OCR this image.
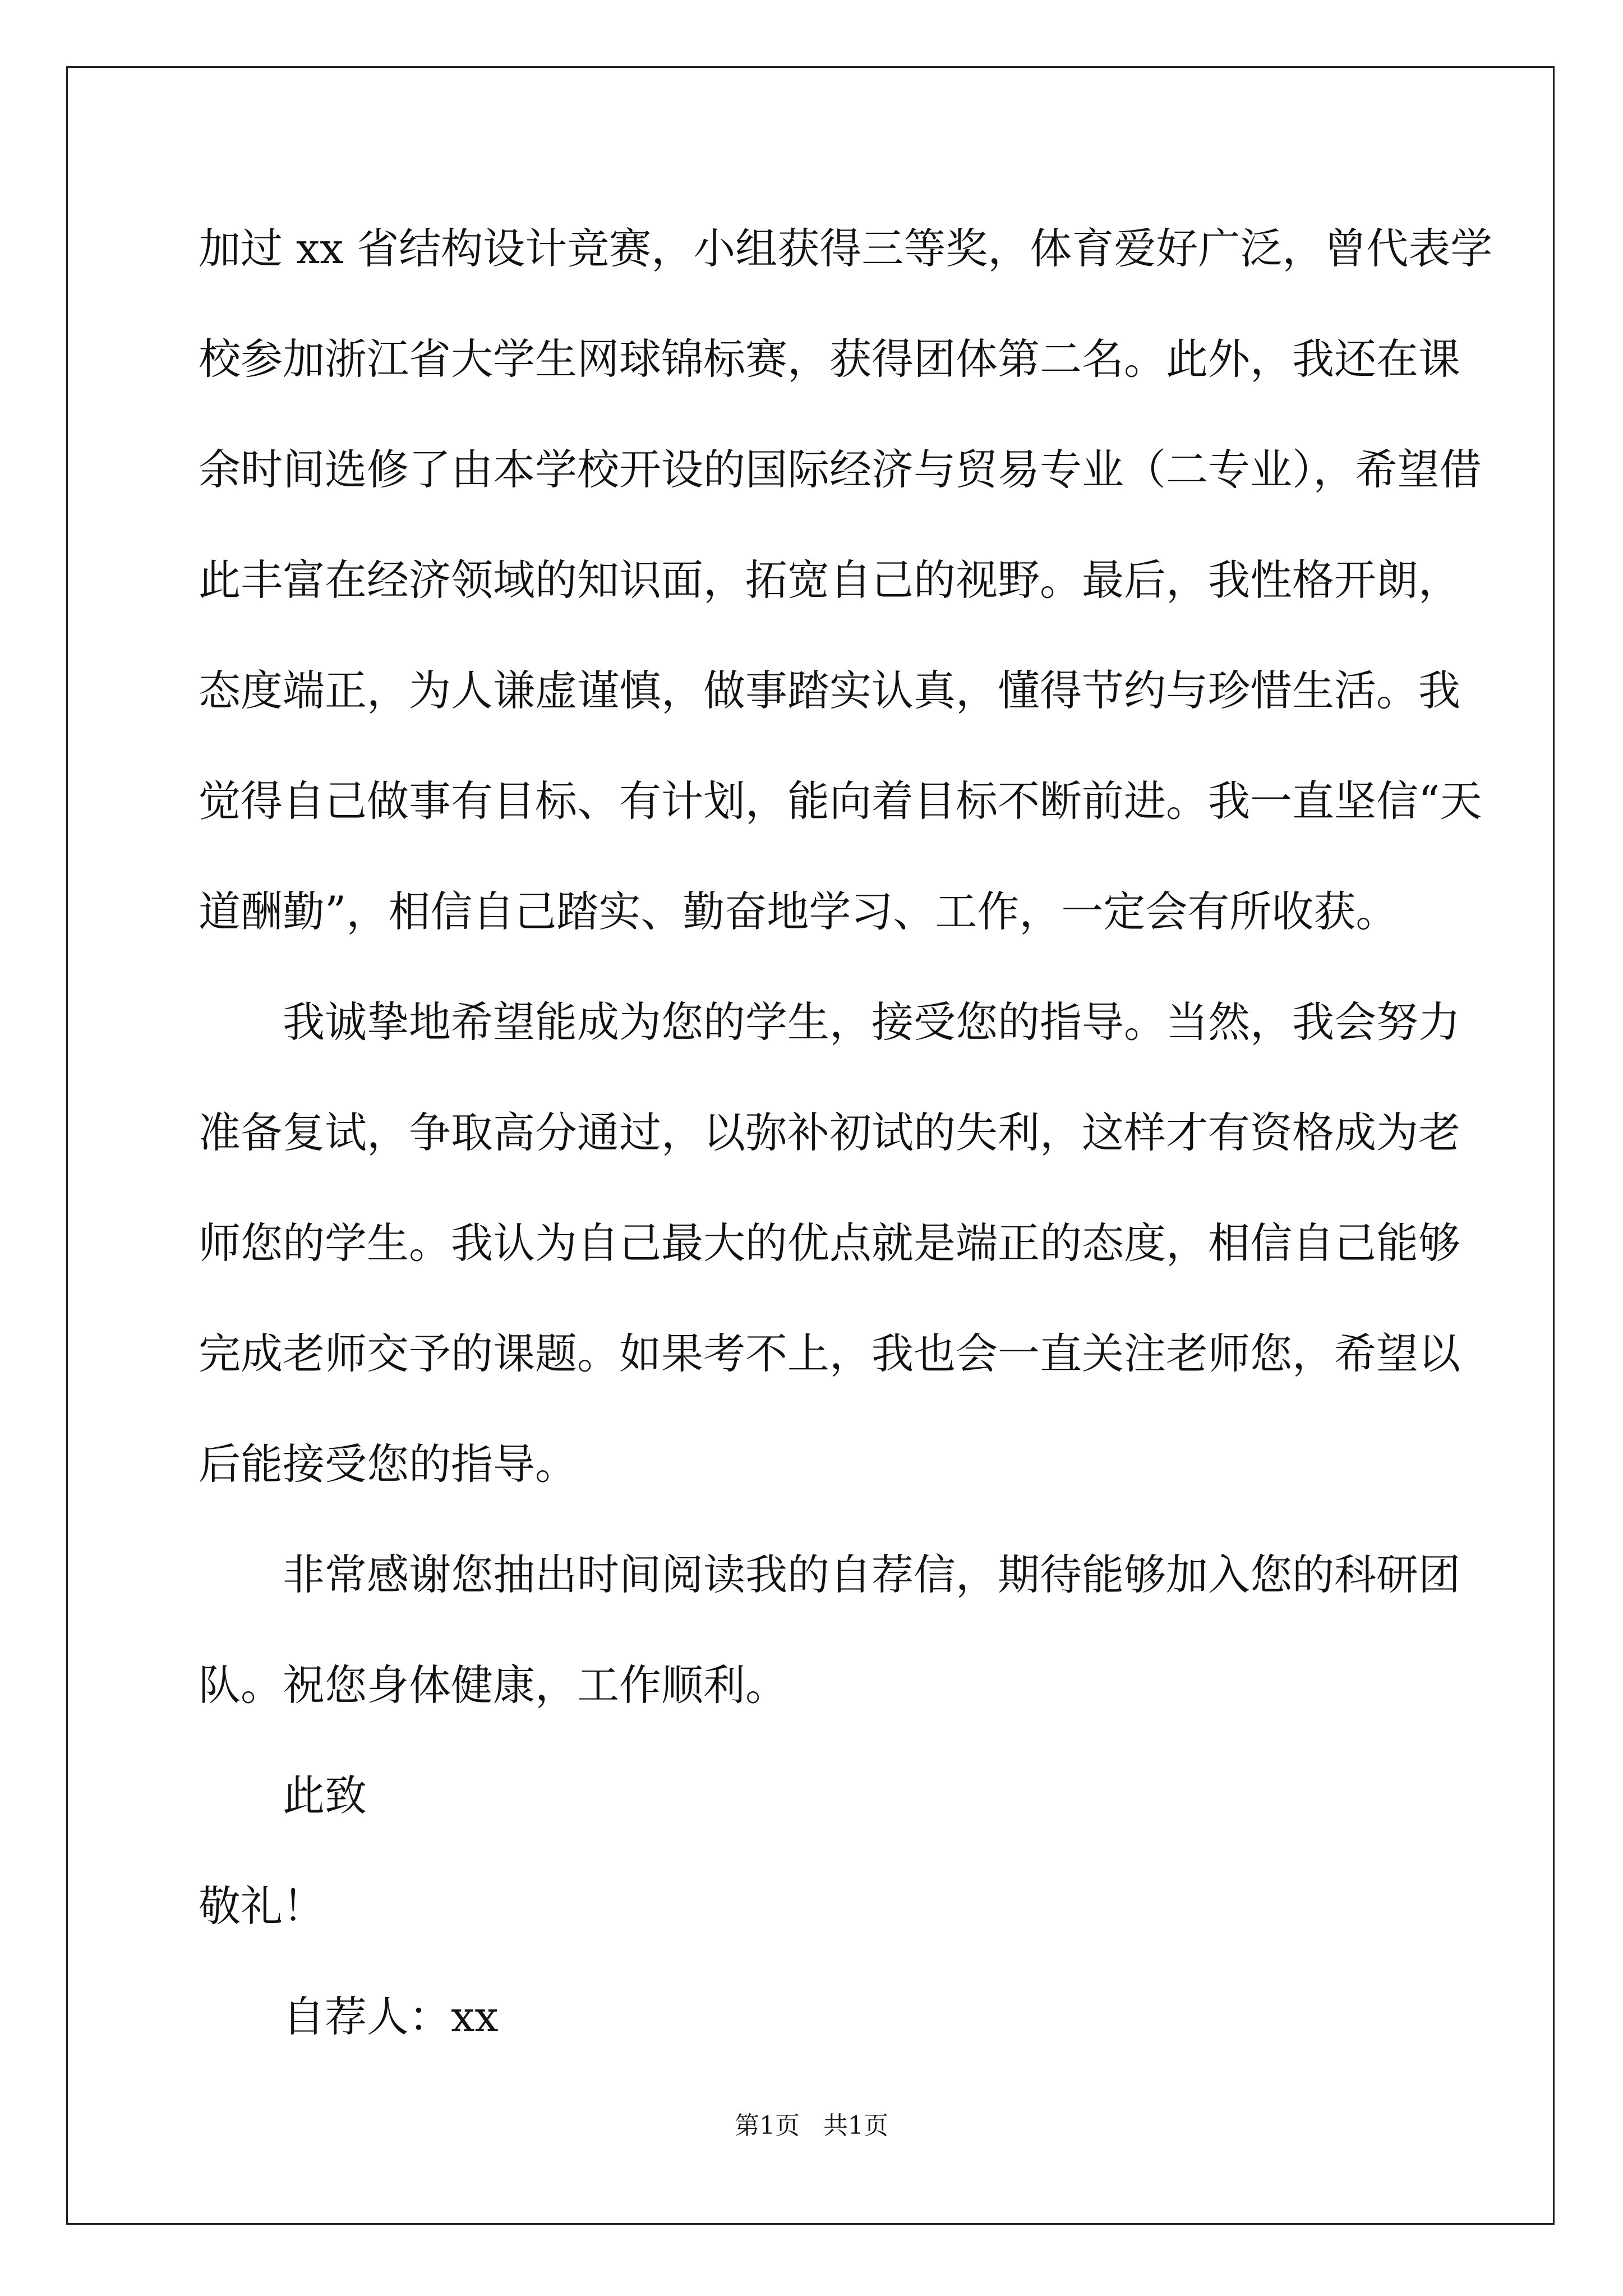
加过 xx 省结构设计竞赛，小组获得三等奖，体育爱好广泛，曾代表学
校参加浙江省大学生网球锦标赛，获得团体第二名。此外，我还在课
余时间选修了由本学校开设的国际经济与贸易专业（二专业），希望借
此丰富在经济领域的知识面，拓宽自己的视野。最后，我性格开朗，
态度端正，为人谦虚谨慎，做事踏实认真，懂得节约与珍惜生活。我
觉得自己做事有目标、有计划，能向着目标不断前进。我一直坚信“天
道酬勤”，相信自己踏实、勤奋地学习、工作，一定会有所收获。
我诚挚地希望能成为您的学生，接受您的指导。当然，我会努力
准备复试，争取高分通过，以弥补初试的失利，这样才有资格成为老
师您的学生。我认为自己最大的优点就是端正的态度，相信自己能够
完成老师交予的课题。如果考不上，我也会一直关注老师您，希望以
后能接受您的指导。
非常感谢您抽出时间阅读我的自荐信，期待能够加入您的科研团
队。祝您身体健康，工作顺利。
此致
敬礼！
自荐人：xx
第1页 共1页
